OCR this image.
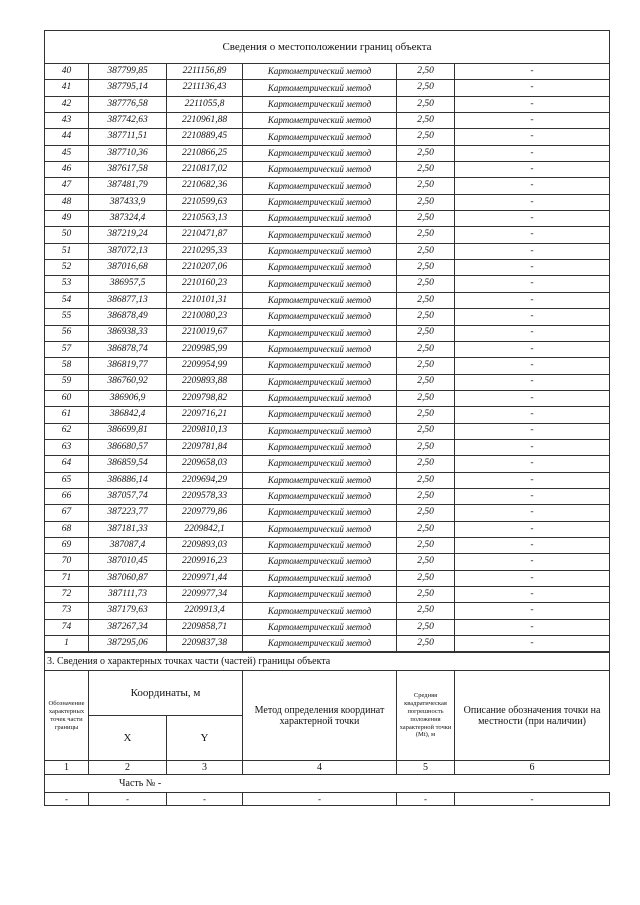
Сведения о местоположении границ объекта					
40	387799,85	2211156,89	Картометрический метод	2,50	-
41	387795,14	2211136,43	Картометрический метод	2,50	-
42	387776,58	2211055,8	Картометрический метод	2,50	-
43	387742,63	2210961,88	Картометрический метод	2,50	-
44	387711,51	2210889,45	Картометрический метод	2,50	-
45	387710,36	2210866,25	Картометрический метод	2,50	-
46	387617,58	2210817,02	Картометрический метод	2,50	-
47	387481,79	2210682,36	Картометрический метод	2,50	-
48	387433,9	2210599,63	Картометрический метод	2,50	-
49	387324,4	2210563,13	Картометрический метод	2,50	-
50	387219,24	2210471,87	Картометрический метод	2,50	-
51	387072,13	2210295,33	Картометрический метод	2,50	-
52	387016,68	2210207,06	Картометрический метод	2,50	-
53	386957,5	2210160,23	Картометрический метод	2,50	-
54	386877,13	2210101,31	Картометрический метод	2,50	-
55	386878,49	2210080,23	Картометрический метод	2,50	-
56	386938,33	2210019,67	Картометрический метод	2,50	-
57	386878,74	2209985,99	Картометрический метод	2,50	-
58	386819,77	2209954,99	Картометрический метод	2,50	-
59	386760,92	2209893,88	Картометрический метод	2,50	-
60	386906,9	2209798,82	Картометрический метод	2,50	-
61	386842,4	2209716,21	Картометрический метод	2,50	-
62	386699,81	2209810,13	Картометрический метод	2,50	-
63	386680,57	2209781,84	Картометрический метод	2,50	-
64	386859,54	2209658,03	Картометрический метод	2,50	-
65	386886,14	2209694,29	Картометрический метод	2,50	-
66	387057,74	2209578,33	Картометрический метод	2,50	-
67	387223,77	2209779,86	Картометрический метод	2,50	-
68	387181,33	2209842,1	Картометрический метод	2,50	-
69	387087,4	2209893,03	Картометрический метод	2,50	-
70	387010,45	2209916,23	Картометрический метод	2,50	-
71	387060,87	2209971,44	Картометрический метод	2,50	-
72	387111,73	2209977,34	Картометрический метод	2,50	-
73	387179,63	2209913,4	Картометрический метод	2,50	-
74	387267,34	2209858,71	Картометрический метод	2,50	-
1	387295,06	2209837,38	Картометрический метод	2,50	-
3. Сведения о характерных точках части (частей) границы объекта					
Обозначение характерных точек части границы	Координаты, м		Метод определения координат характерной точки	Средняя квадратическая погрешность положения характерной точки (Мt), м	Описание обозначения точки на местности (при наличии)
	X	Y			
1	2	3	4	5	6
Часть № -					
-	-	-	-	-	-
